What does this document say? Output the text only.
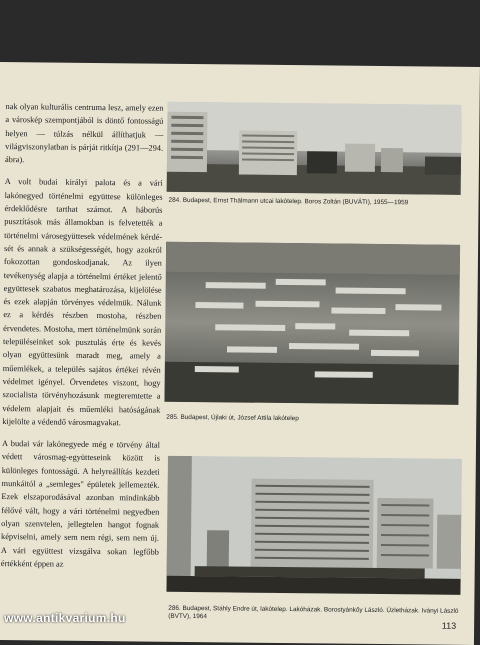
nak olyan kulturális centruma lesz, amely ezen a városkép szempontjából is döntő fontosságú helyen — túlzás nélkül állíthatjuk — világviszonylatban is párját ritkítja (291—294. ábra).

A volt budai királyi palota és a vári lakónegyed történelmi együttese különleges érdeklődésre tarthat számot. A háborús pusztítások más államokban is felvetették a történelmi városegyüttesek védelmének kérdését és annak a szükségességét, hogy azokról fokozottan gondoskodjanak. Az ilyen tevékenység alapja a történelmi értéket jelentő együttesek szabatos meghatározása, kijelölése és ezek alapján törvényes védelmük. Nálunk ez a kérdés részben mostoha, részben érvendetes. Mostoha, mert történelmünk során településeinket sok pusztulás érte és kevés olyan együttesünk maradt meg, amely a műemlékek, a település sajátos értékei révén védelmet igényel. Örvendetes viszont, hogy szocialista törvényhozásunk megteremtette a védelem alapjait és műemléki hatóságának kijelölte a védendő városmagvakat.

A budai vár lakónegyede még e törvény által védett városmag-együtteseink között is különleges fontosságú. A helyreállítás kezdeti munkáitól a „semleges" épületek jellemezték. Ezek elszaporodásával azonban mindinkább félővé vált, hogy a vári történelmi negyedben olyan szenvtelen, jellegtelen hangot fognak képviselni, amely sem nem régi, sem nem új. A vári együttest vizsgálva sokan legfőbb értékként éppen az

284. Budapest, Ernst Thälmann utcai lakótelep. Boros Zoltán (BUVÁTI), 1955—1959
285. Budapest, Újlaki út, József Attila lakótelep
286. Budapest, Stáhly Endre út, lakótelep. Lakóházak. Borostyánkőy László. Üzletházak. Iványi László (BVTV), 1964
113
www.antikvarium.hu
